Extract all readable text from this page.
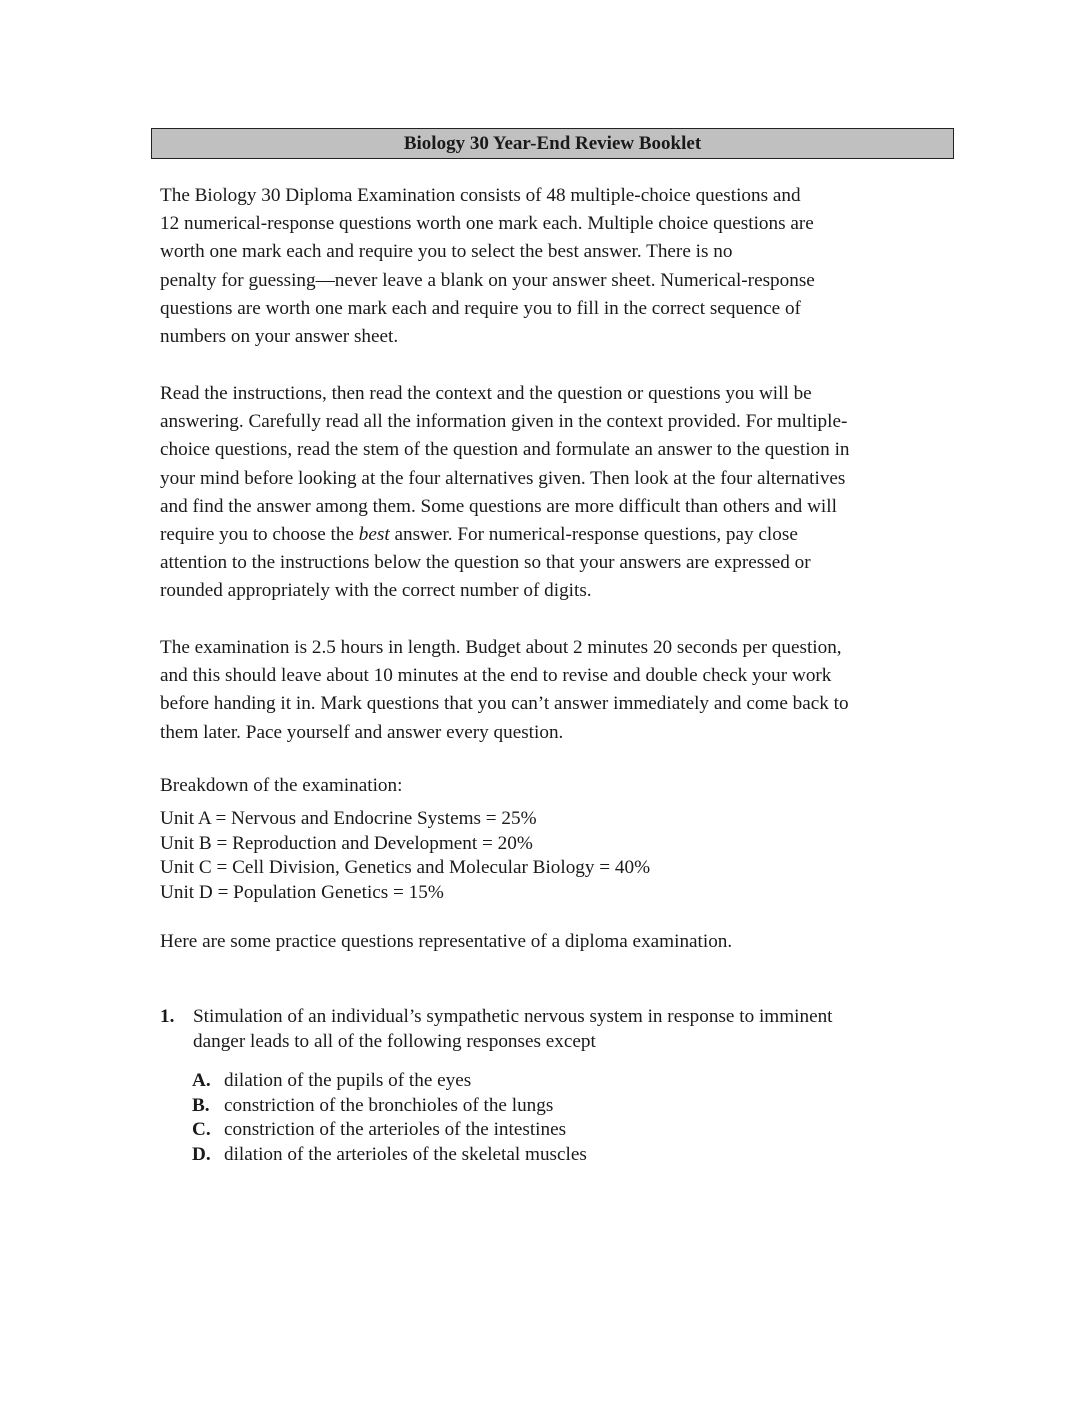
Biology 30 Year-End Review Booklet
The Biology 30 Diploma Examination consists of 48 multiple-choice questions and
12 numerical-response questions worth one mark each. Multiple choice questions are
worth one mark each and require you to select the best answer. There is no
penalty for guessing—never leave a blank on your answer sheet. Numerical-response
questions are worth one mark each and require you to fill in the correct sequence of
numbers on your answer sheet.
Read the instructions, then read the context and the question or questions you will be
answering. Carefully read all the information given in the context provided. For multiple-
choice questions, read the stem of the question and formulate an answer to the question in
your mind before looking at the four alternatives given. Then look at the four alternatives
and find the answer among them. Some questions are more difficult than others and will
require you to choose the best answer. For numerical-response questions, pay close
attention to the instructions below the question so that your answers are expressed or
rounded appropriately with the correct number of digits.
The examination is 2.5 hours in length. Budget about 2 minutes 20 seconds per question,
and this should leave about 10 minutes at the end to revise and double check your work
before handing it in. Mark questions that you can’t answer immediately and come back to
them later. Pace yourself and answer every question.
Breakdown of the examination:
Unit A = Nervous and Endocrine Systems = 25%
Unit B = Reproduction and Development = 20%
Unit C = Cell Division, Genetics and Molecular Biology = 40%
Unit D = Population Genetics = 15%
Here are some practice questions representative of a diploma examination.
1. Stimulation of an individual’s sympathetic nervous system in response to imminent
danger leads to all of the following responses except
A. dilation of the pupils of the eyes
B. constriction of the bronchioles of the lungs
C. constriction of the arterioles of the intestines
D. dilation of the arterioles of the skeletal muscles
